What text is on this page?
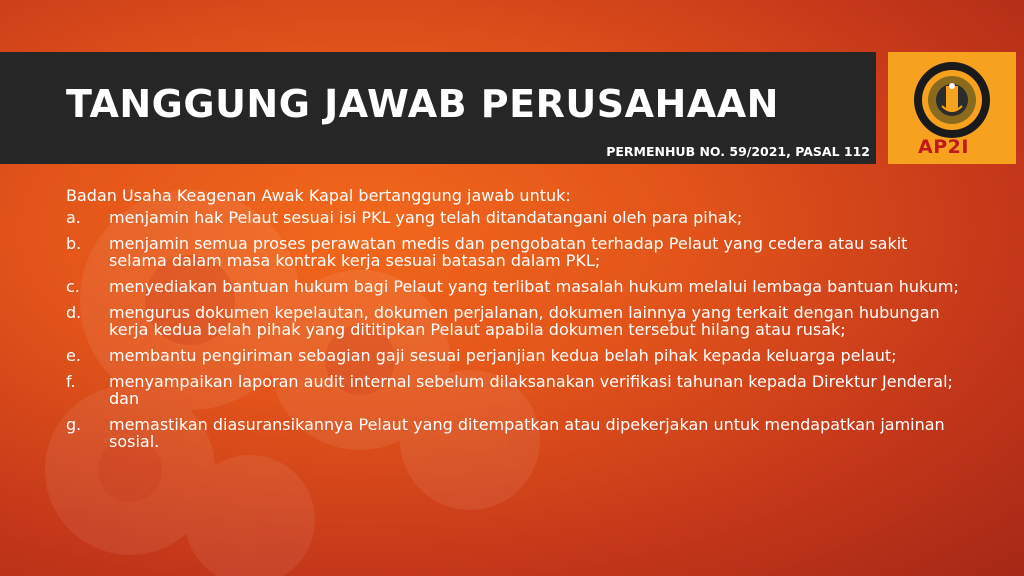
TANGGUNG JAWAB PERUSAHAAN
PERMENHUB NO. 59/2021, PASAL 112	AP2I

Badan Usaha Keagenan Awak Kapal bertanggung jawab untuk:

a.	menjamin hak Pelaut sesuai isi PKL yang telah ditandatangani oleh para pihak;
b.	menjamin semua proses perawatan medis dan pengobatan terhadap Pelaut yang cedera atau sakit selama dalam masa kontrak kerja sesuai batasan dalam PKL;
c.	menyediakan bantuan hukum bagi Pelaut yang terlibat masalah hukum melalui lembaga bantuan hukum;
d.	mengurus dokumen kepelautan, dokumen perjalanan, dokumen lainnya yang terkait dengan hubungan kerja kedua belah pihak yang dititipkan Pelaut apabila dokumen tersebut hilang atau rusak;
e.	membantu pengiriman sebagian gaji sesuai perjanjian kedua belah pihak kepada keluarga pelaut;
f.	menyampaikan laporan audit internal sebelum dilaksanakan verifikasi tahunan kepada Direktur Jenderal; dan
g.	memastikan diasuransikannya Pelaut yang ditempatkan atau dipekerjakan untuk mendapatkan jaminan sosial.
